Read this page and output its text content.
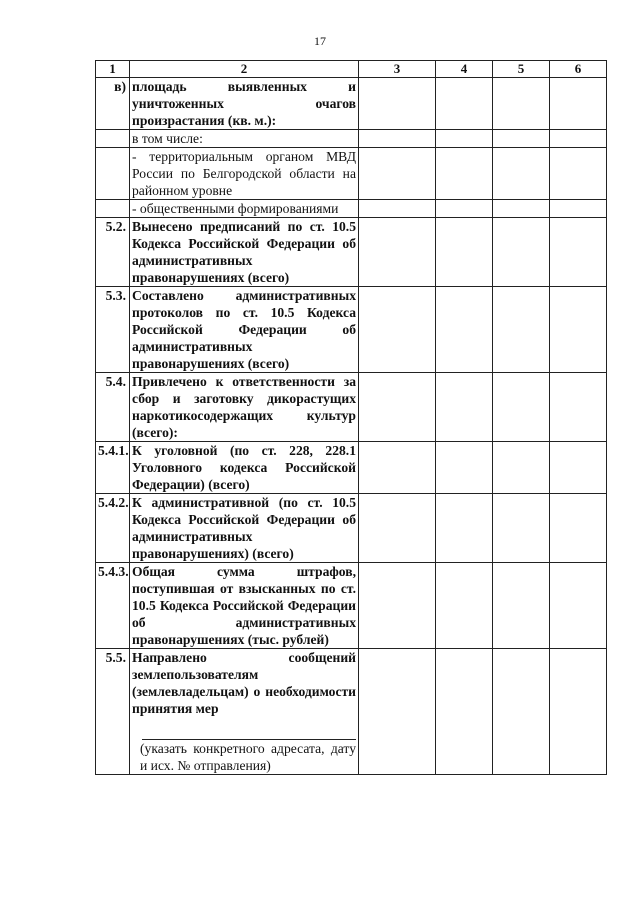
17
1	2	3	4	5	6
в)	площадь выявленных и уничтоженных очагов произрастания (кв. м.):				
	в том числе:				
	- территориальным органом МВД России по Белгородской области на районном уровне				
	- общественными формированиями				
5.2.	Вынесено предписаний по ст. 10.5 Кодекса Российской Федерации об административных правонарушениях (всего)				
5.3.	Составлено административных протоколов по ст. 10.5 Кодекса Российской Федерации об административных правонарушениях (всего)				
5.4.	Привлечено к ответственности за сбор и заготовку дикорастущих наркотикосодержащих культур (всего):				
5.4.1.	К уголовной (по ст. 228, 228.1 Уголовного кодекса Российской Федерации) (всего)				
5.4.2.	К административной (по ст. 10.5 Кодекса Российской Федерации об административных правонарушениях) (всего)				
5.4.3.	Общая сумма штрафов, поступившая от взысканных по ст. 10.5 Кодекса Российской Федерации об административных правонарушениях (тыс. рублей)				
5.5.	Направлено сообщений землепользователям (землевладельцам) о необходимости принятия мер
(указать конкретного адресата, дату и исх. № отправления)				
